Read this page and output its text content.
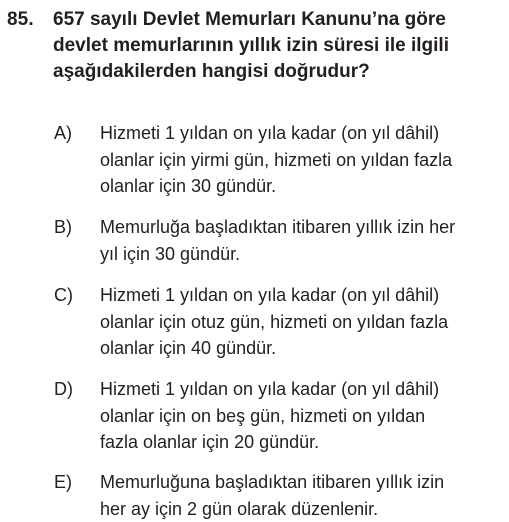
85. 657 sayılı Devlet Memurları Kanunu’na göre
devlet memurlarının yıllık izin süresi ile ilgili
aşağıdakilerden hangisi doğrudur?
A) Hizmeti 1 yıldan on yıla kadar (on yıl dâhil)
olanlar için yirmi gün, hizmeti on yıldan fazla
olanlar için 30 gündür.
B) Memurluğa başladıktan itibaren yıllık izin her
yıl için 30 gündür.
C) Hizmeti 1 yıldan on yıla kadar (on yıl dâhil)
olanlar için otuz gün, hizmeti on yıldan fazla
olanlar için 40 gündür.
D) Hizmeti 1 yıldan on yıla kadar (on yıl dâhil)
olanlar için on beş gün, hizmeti on yıldan
fazla olanlar için 20 gündür.
E) Memurluğuna başladıktan itibaren yıllık izin
her ay için 2 gün olarak düzenlenir.
